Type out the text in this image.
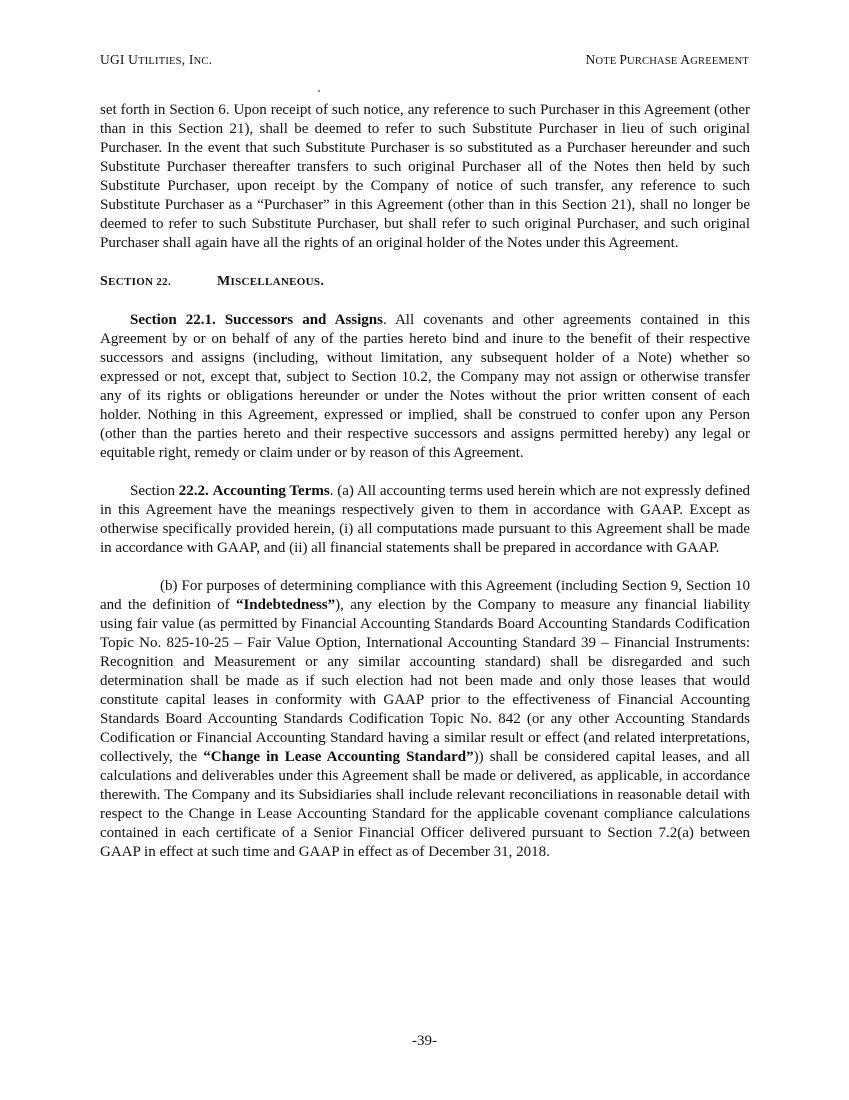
UGI UTILITIES, INC.	NOTE PURCHASE AGREEMENT

set forth in Section 6. Upon receipt of such notice, any reference to such Purchaser in this Agreement (other than in this Section 21), shall be deemed to refer to such Substitute Purchaser in lieu of such original Purchaser. In the event that such Substitute Purchaser is so substituted as a Purchaser hereunder and such Substitute Purchaser thereafter transfers to such original Purchaser all of the Notes then held by such Substitute Purchaser, upon receipt by the Company of notice of such transfer, any reference to such Substitute Purchaser as a “Purchaser” in this Agreement (other than in this Section 21), shall no longer be deemed to refer to such Substitute Purchaser, but shall refer to such original Purchaser, and such original Purchaser shall again have all the rights of an original holder of the Notes under this Agreement.

SECTION 22.	MISCELLANEOUS.

Section 22.1. Successors and Assigns. All covenants and other agreements contained in this Agreement by or on behalf of any of the parties hereto bind and inure to the benefit of their respective successors and assigns (including, without limitation, any subsequent holder of a Note) whether so expressed or not, except that, subject to Section 10.2, the Company may not assign or otherwise transfer any of its rights or obligations hereunder or under the Notes without the prior written consent of each holder. Nothing in this Agreement, expressed or implied, shall be construed to confer upon any Person (other than the parties hereto and their respective successors and assigns permitted hereby) any legal or equitable right, remedy or claim under or by reason of this Agreement.

Section 22.2. Accounting Terms. (a) All accounting terms used herein which are not expressly defined in this Agreement have the meanings respectively given to them in accordance with GAAP. Except as otherwise specifically provided herein, (i) all computations made pursuant to this Agreement shall be made in accordance with GAAP, and (ii) all financial statements shall be prepared in accordance with GAAP.

(b) For purposes of determining compliance with this Agreement (including Section 9, Section 10 and the definition of “Indebtedness”), any election by the Company to measure any financial liability using fair value (as permitted by Financial Accounting Standards Board Accounting Standards Codification Topic No. 825-10-25 – Fair Value Option, International Accounting Standard 39 – Financial Instruments: Recognition and Measurement or any similar accounting standard) shall be disregarded and such determination shall be made as if such election had not been made and only those leases that would constitute capital leases in conformity with GAAP prior to the effectiveness of Financial Accounting Standards Board Accounting Standards Codification Topic No. 842 (or any other Accounting Standards Codification or Financial Accounting Standard having a similar result or effect (and related interpretations, collectively, the “Change in Lease Accounting Standard”)) shall be considered capital leases, and all calculations and deliverables under this Agreement shall be made or delivered, as applicable, in accordance therewith. The Company and its Subsidiaries shall include relevant reconciliations in reasonable detail with respect to the Change in Lease Accounting Standard for the applicable covenant compliance calculations contained in each certificate of a Senior Financial Officer delivered pursuant to Section 7.2(a) between GAAP in effect at such time and GAAP in effect as of December 31, 2018.

-39-
